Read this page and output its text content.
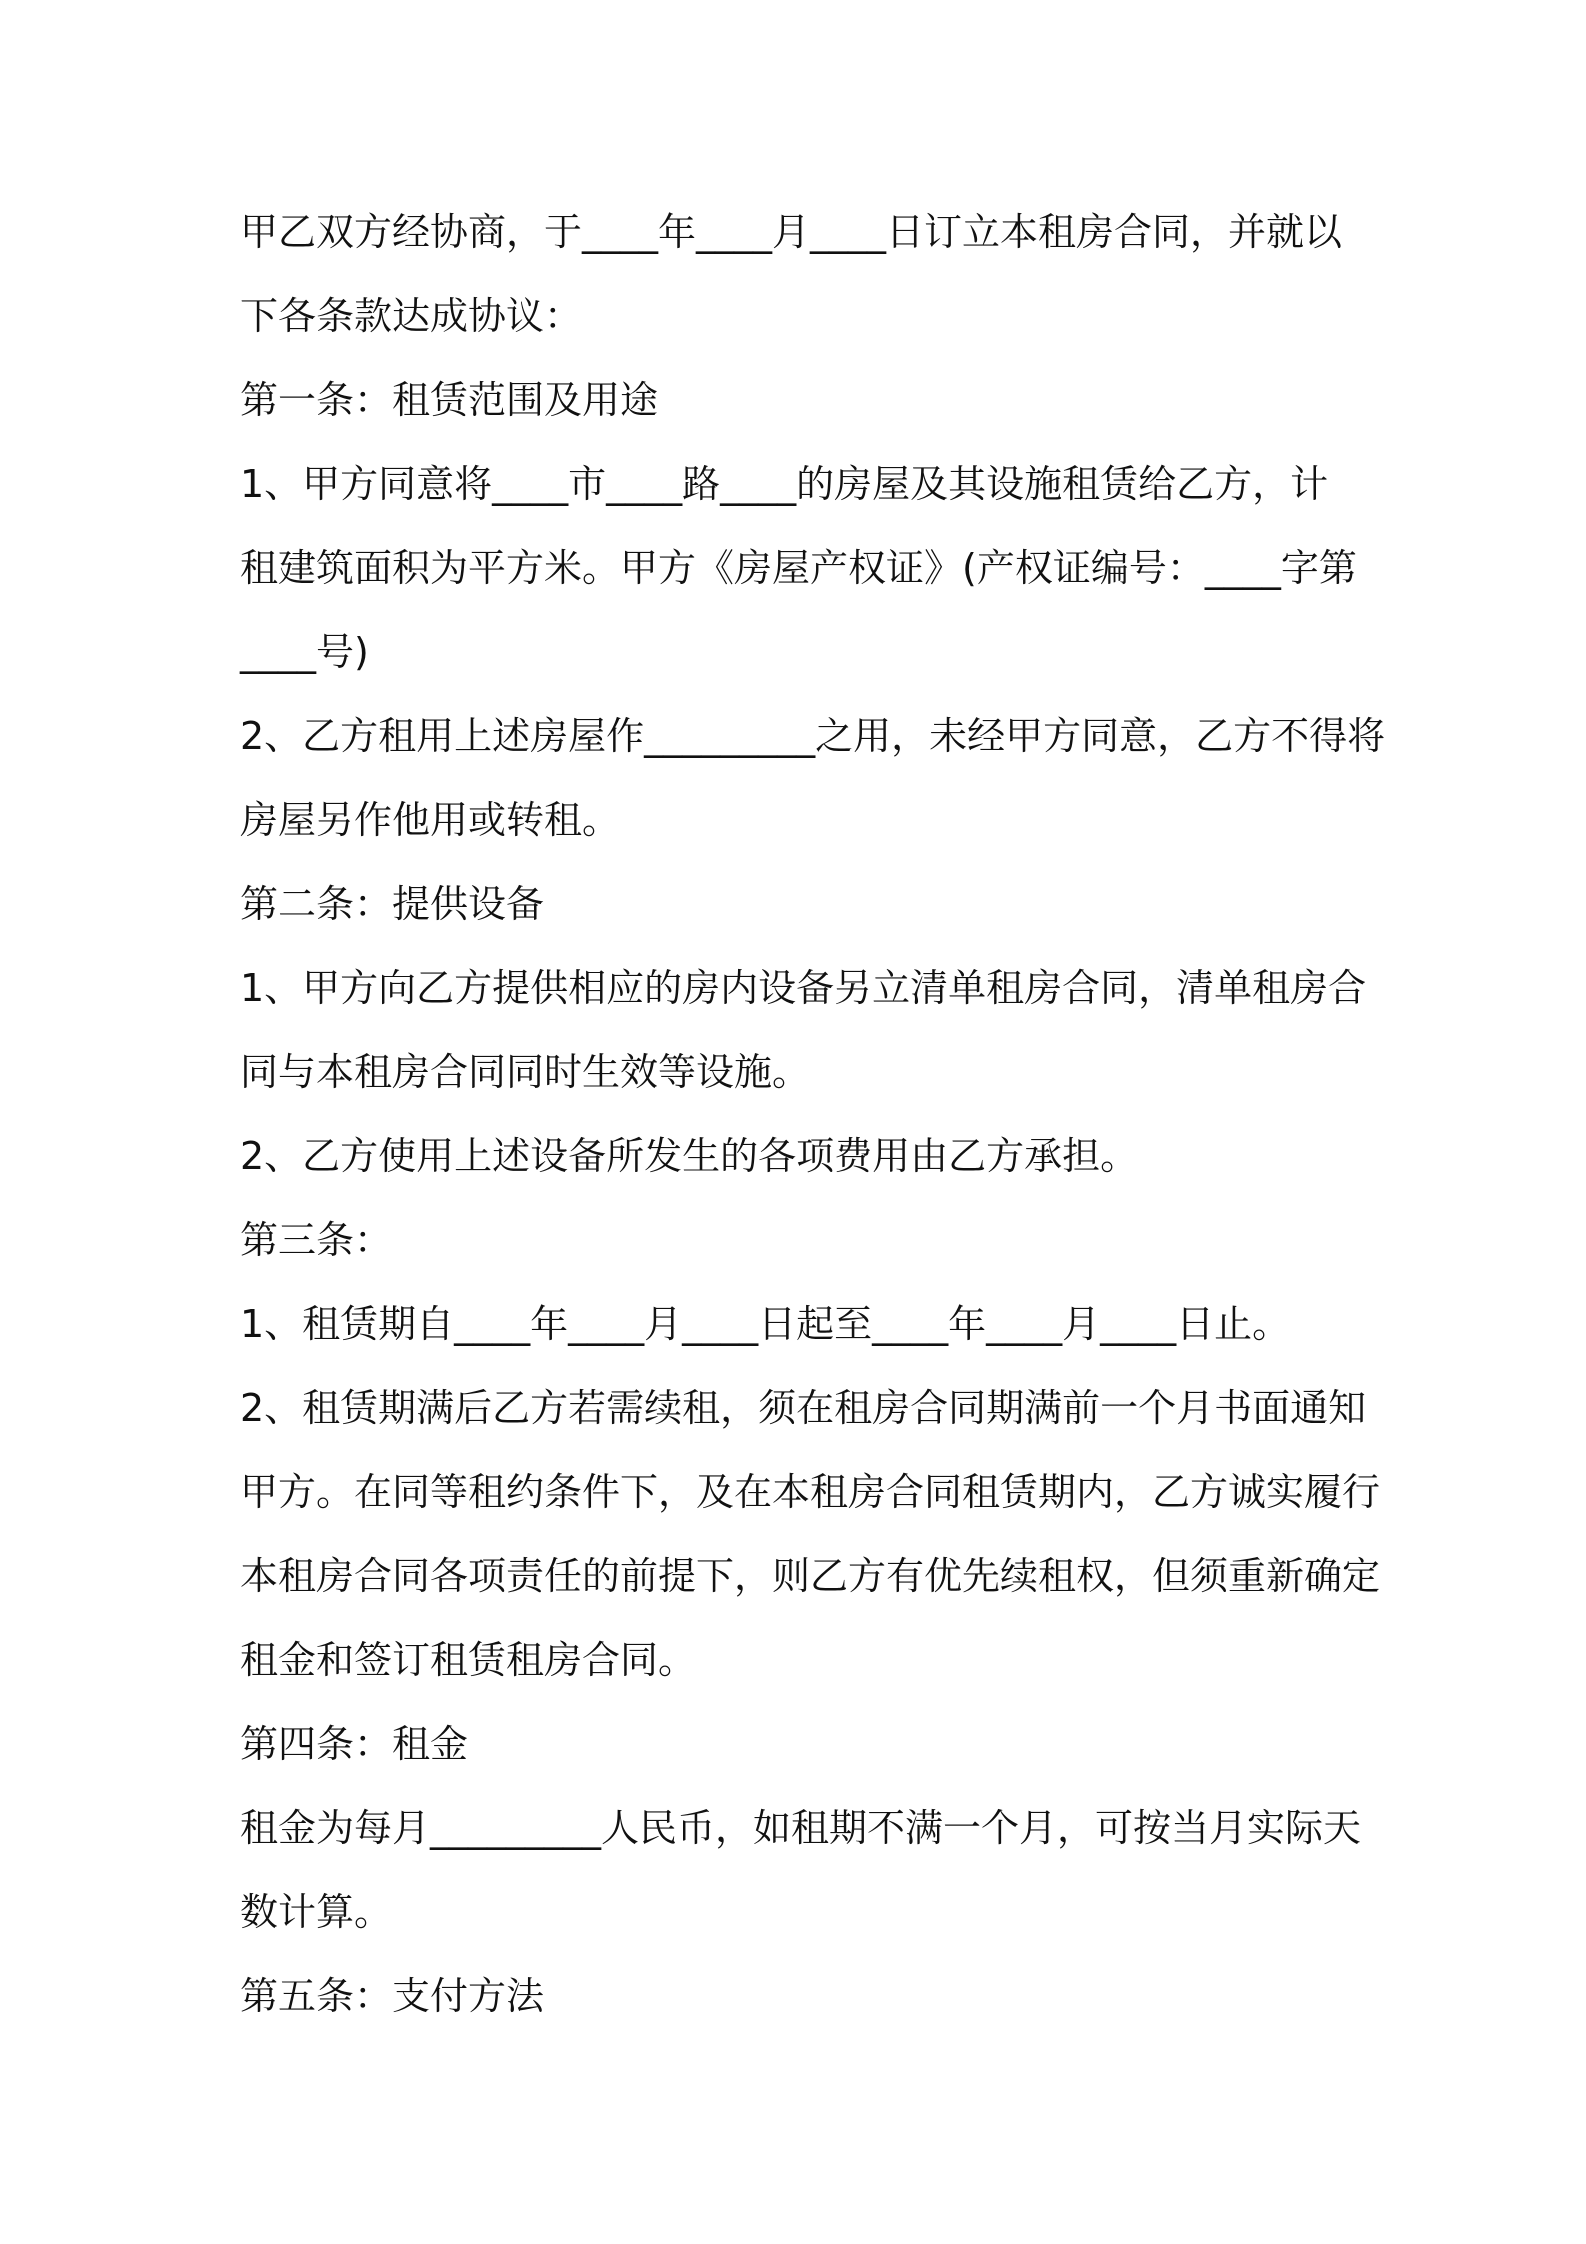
甲乙双方经协商，于____年____月____日订立本租房合同，并就以
下各条款达成协议：
第一条：租赁范围及用途
1、甲方同意将____市____路____的房屋及其设施租赁给乙方，计
租建筑面积为平方米。甲方《房屋产权证》(产权证编号：____字第
____号)
2、乙方租用上述房屋作_________之用，未经甲方同意，乙方不得将
房屋另作他用或转租。
第二条：提供设备
1、甲方向乙方提供相应的房内设备另立清单租房合同，清单租房合
同与本租房合同同时生效等设施。
2、乙方使用上述设备所发生的各项费用由乙方承担。
第三条：
1、租赁期自____年____月____日起至____年____月____日止。
2、租赁期满后乙方若需续租，须在租房合同期满前一个月书面通知
甲方。在同等租约条件下，及在本租房合同租赁期内，乙方诚实履行
本租房合同各项责任的前提下，则乙方有优先续租权，但须重新确定
租金和签订租赁租房合同。
第四条：租金
租金为每月_________人民币，如租期不满一个月，可按当月实际天
数计算。
第五条：支付方法
